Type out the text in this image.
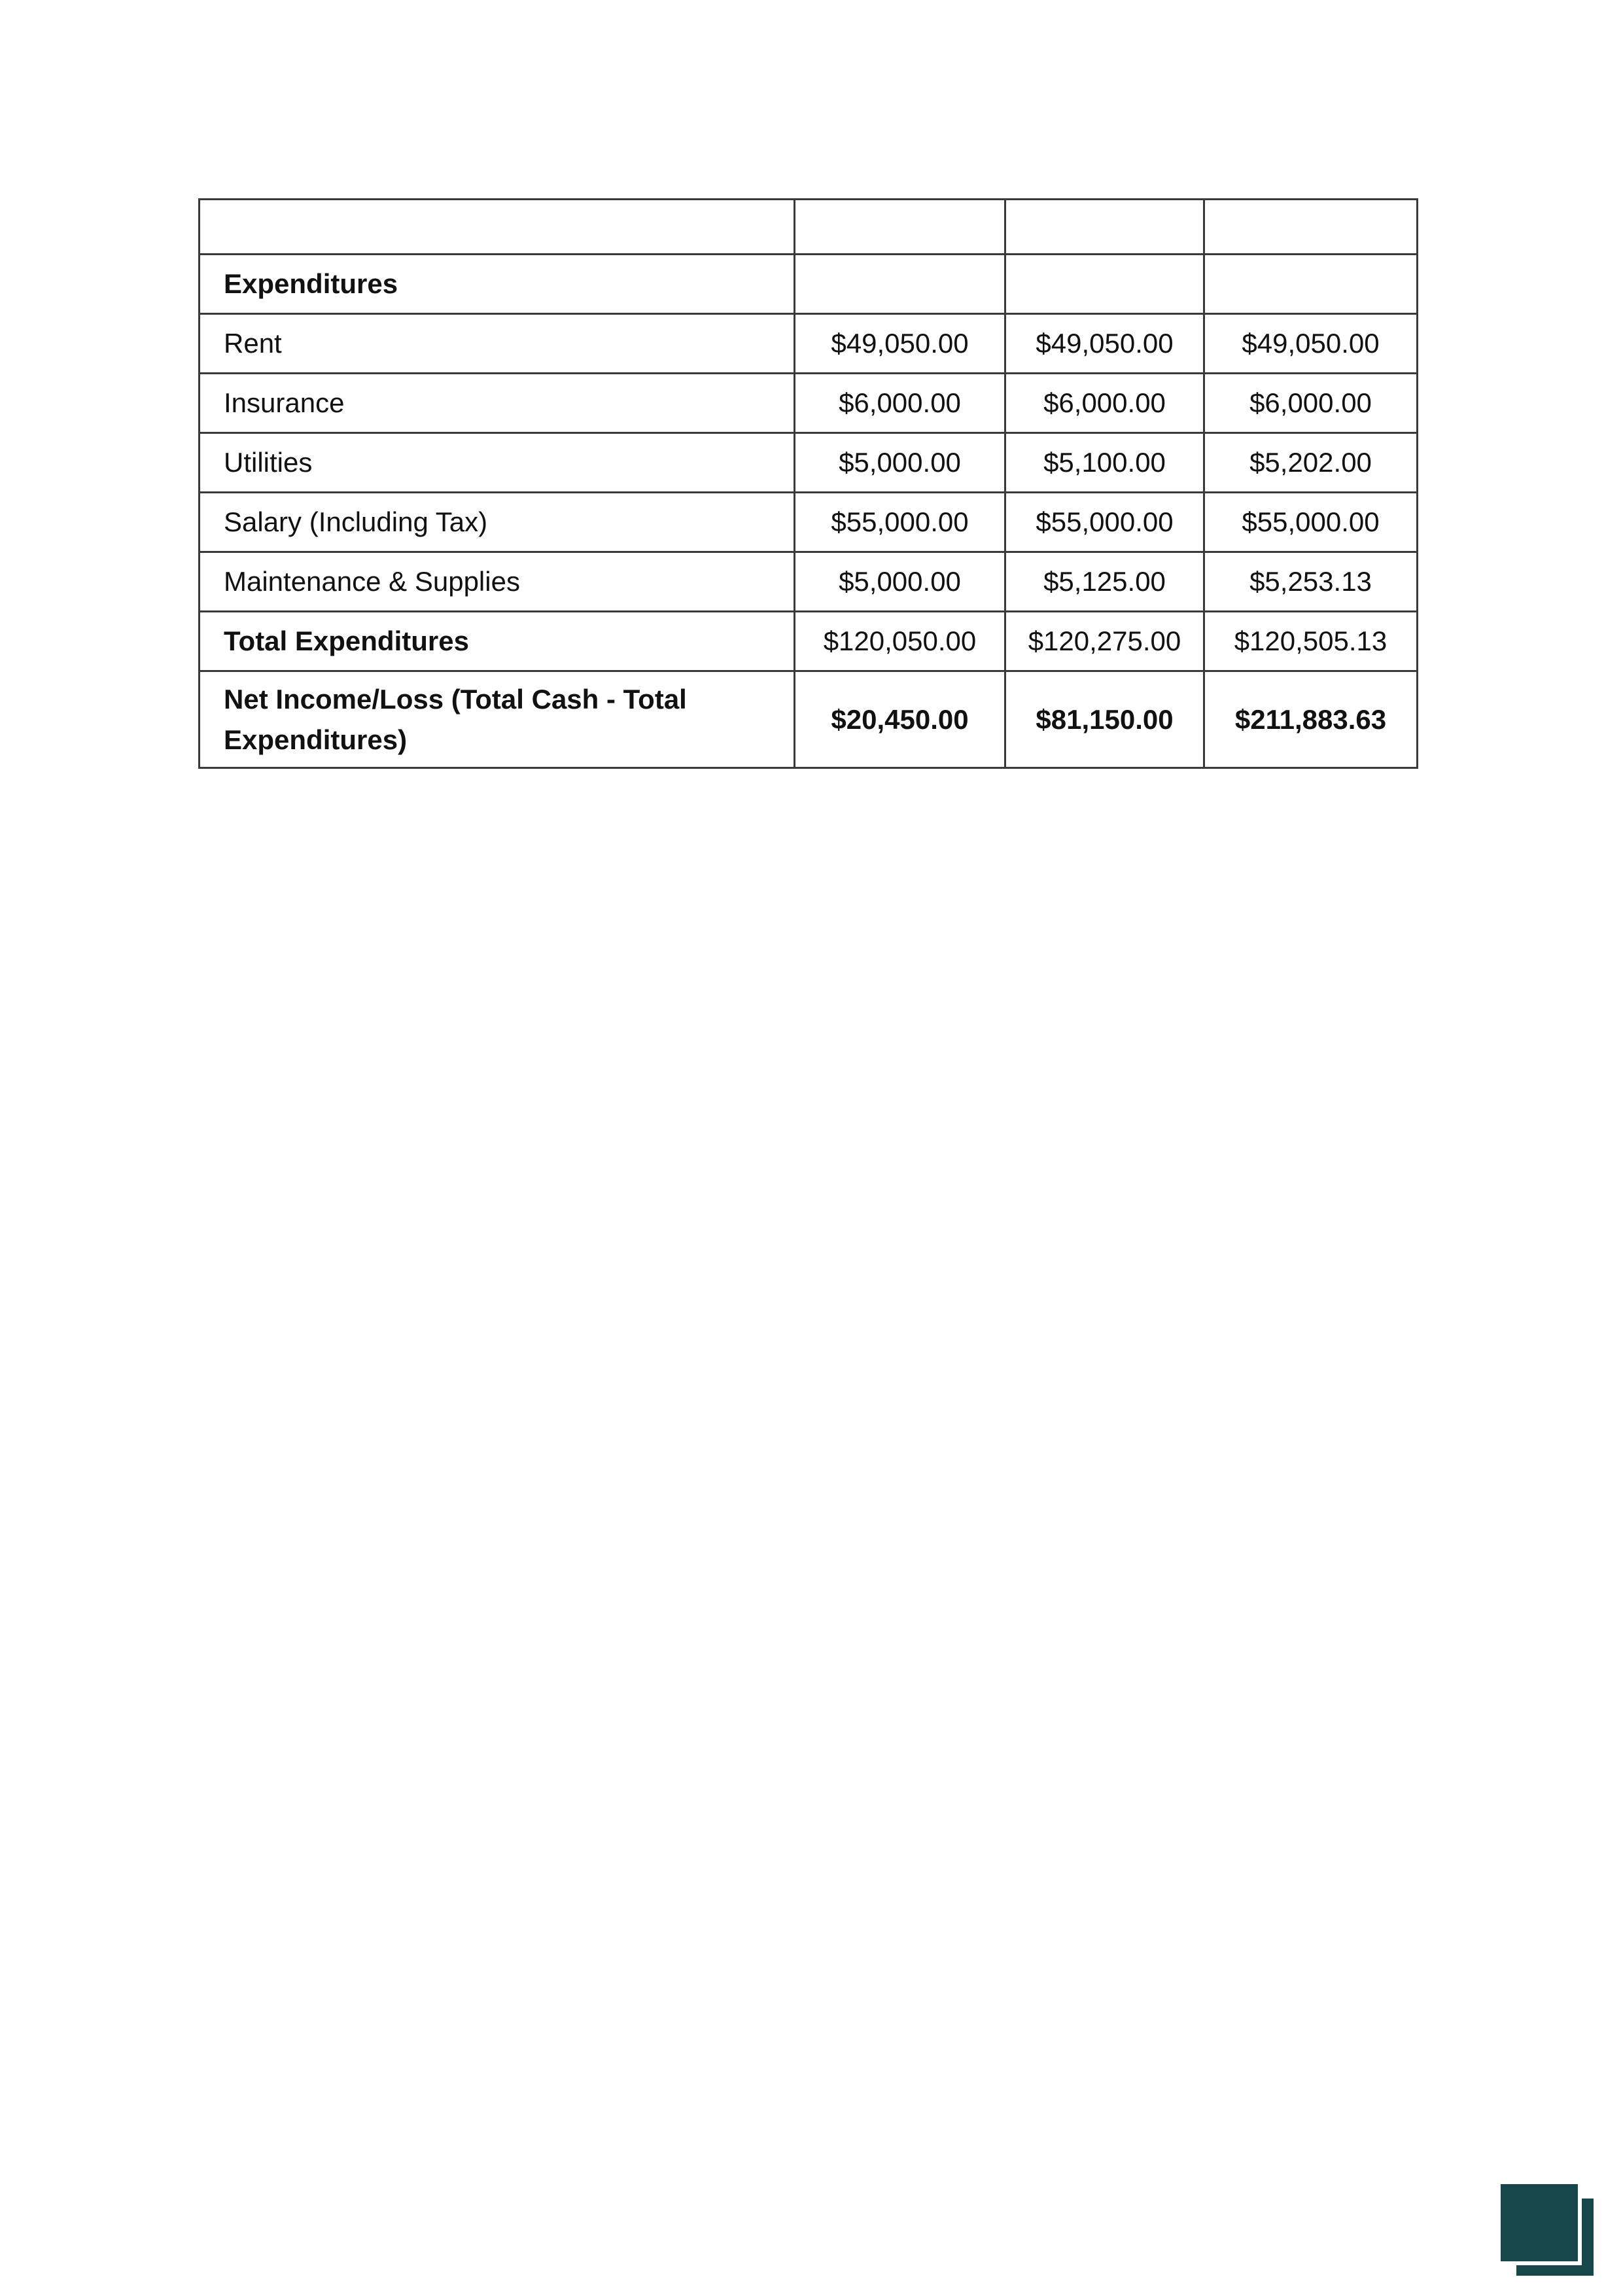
Expenditures			
Rent	$49,050.00	$49,050.00	$49,050.00
Insurance	$6,000.00	$6,000.00	$6,000.00
Utilities	$5,000.00	$5,100.00	$5,202.00
Salary (Including Tax)	$55,000.00	$55,000.00	$55,000.00
Maintenance & Supplies	$5,000.00	$5,125.00	$5,253.13
Total Expenditures	$120,050.00	$120,275.00	$120,505.13
Net Income/Loss (Total Cash - Total Expenditures)	$20,450.00	$81,150.00	$211,883.63
